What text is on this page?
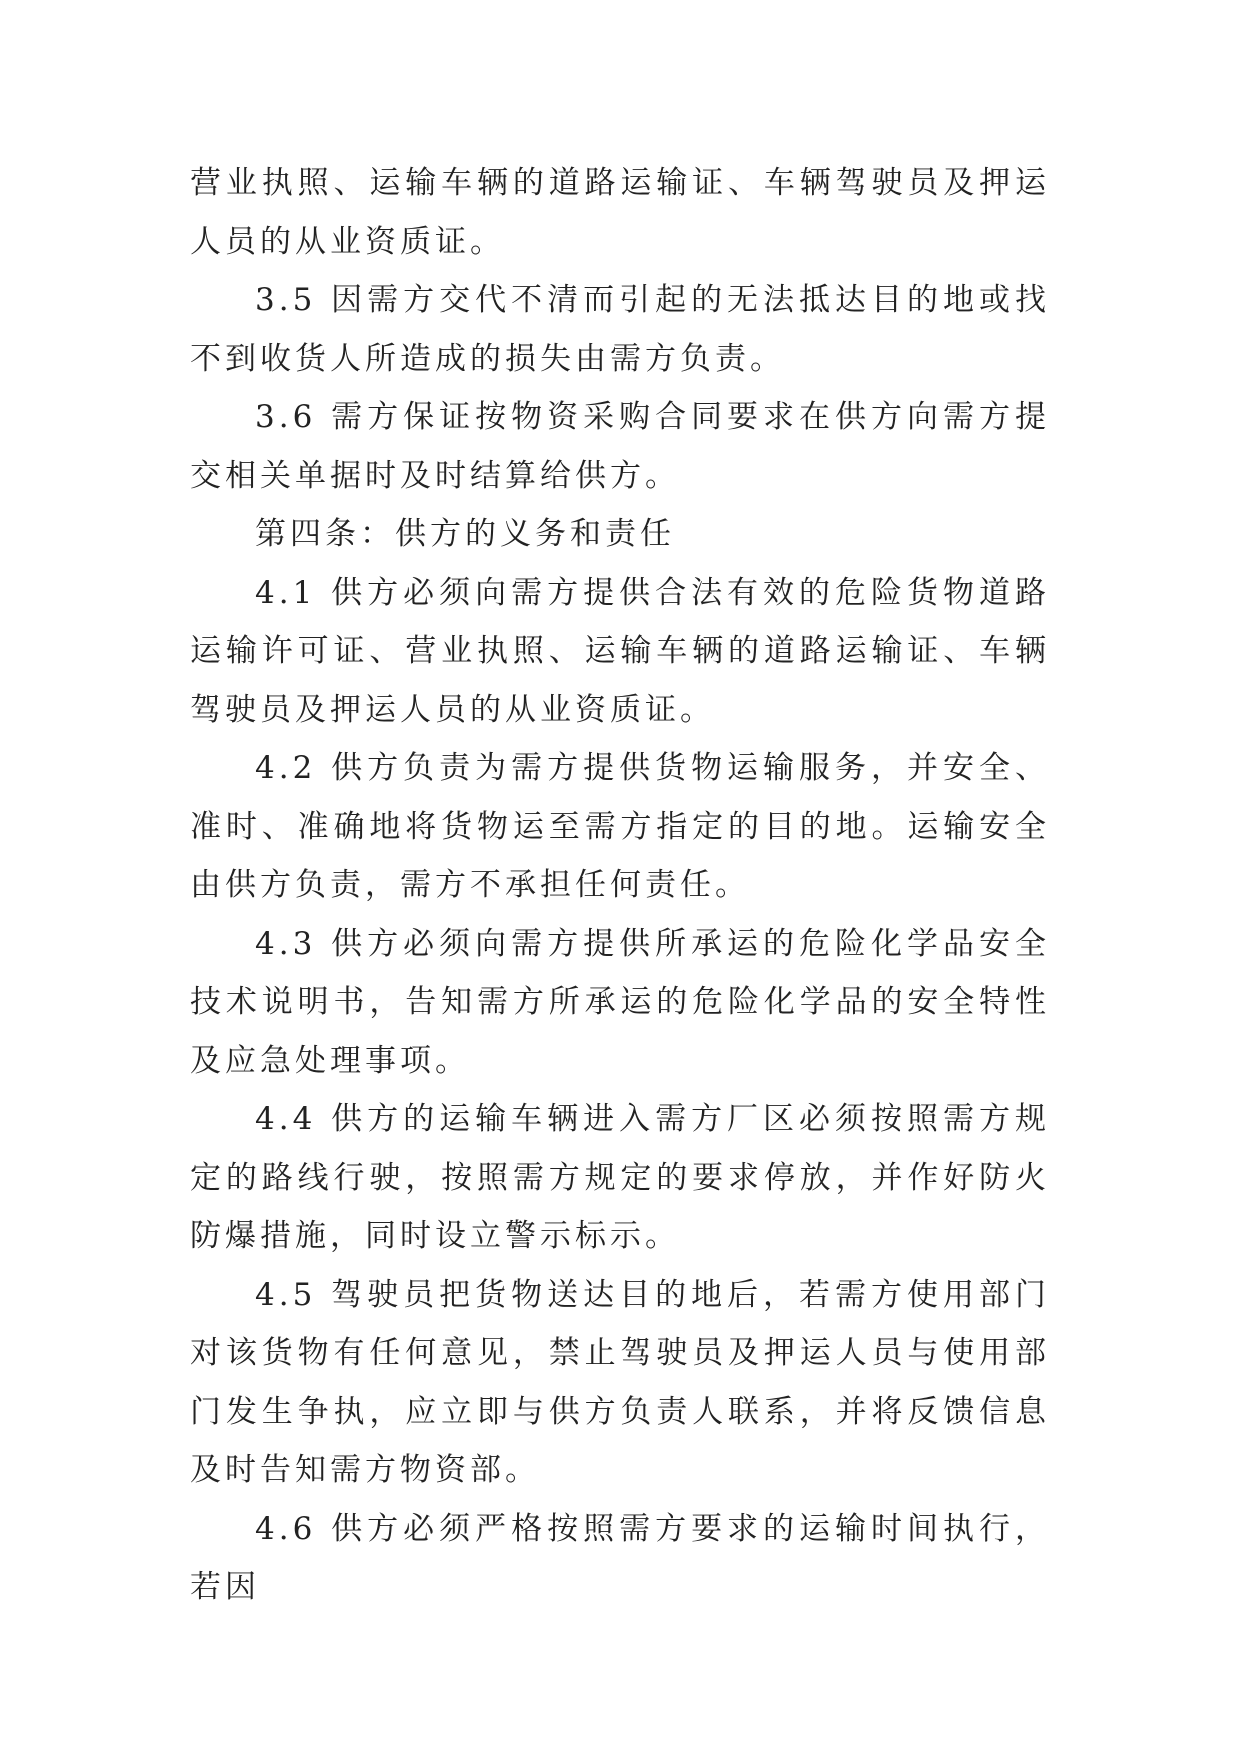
营业执照、运输车辆的道路运输证、车辆驾驶员及押运人员的从业资质证。

3.5 因需方交代不清而引起的无法抵达目的地或找不到收货人所造成的损失由需方负责。

3.6 需方保证按物资采购合同要求在供方向需方提交相关单据时及时结算给供方。

第四条：供方的义务和责任

4.1 供方必须向需方提供合法有效的危险货物道路运输许可证、营业执照、运输车辆的道路运输证、车辆驾驶员及押运人员的从业资质证。

4.2 供方负责为需方提供货物运输服务，并安全、准时、准确地将货物运至需方指定的目的地。运输安全由供方负责，需方不承担任何责任。

4.3 供方必须向需方提供所承运的危险化学品安全技术说明书，告知需方所承运的危险化学品的安全特性及应急处理事项。

4.4 供方的运输车辆进入需方厂区必须按照需方规定的路线行驶，按照需方规定的要求停放，并作好防火防爆措施，同时设立警示标示。

4.5 驾驶员把货物送达目的地后，若需方使用部门对该货物有任何意见，禁止驾驶员及押运人员与使用部门发生争执，应立即与供方负责人联系，并将反馈信息及时告知需方物资部。

4.6 供方必须严格按照需方要求的运输时间执行，若因
